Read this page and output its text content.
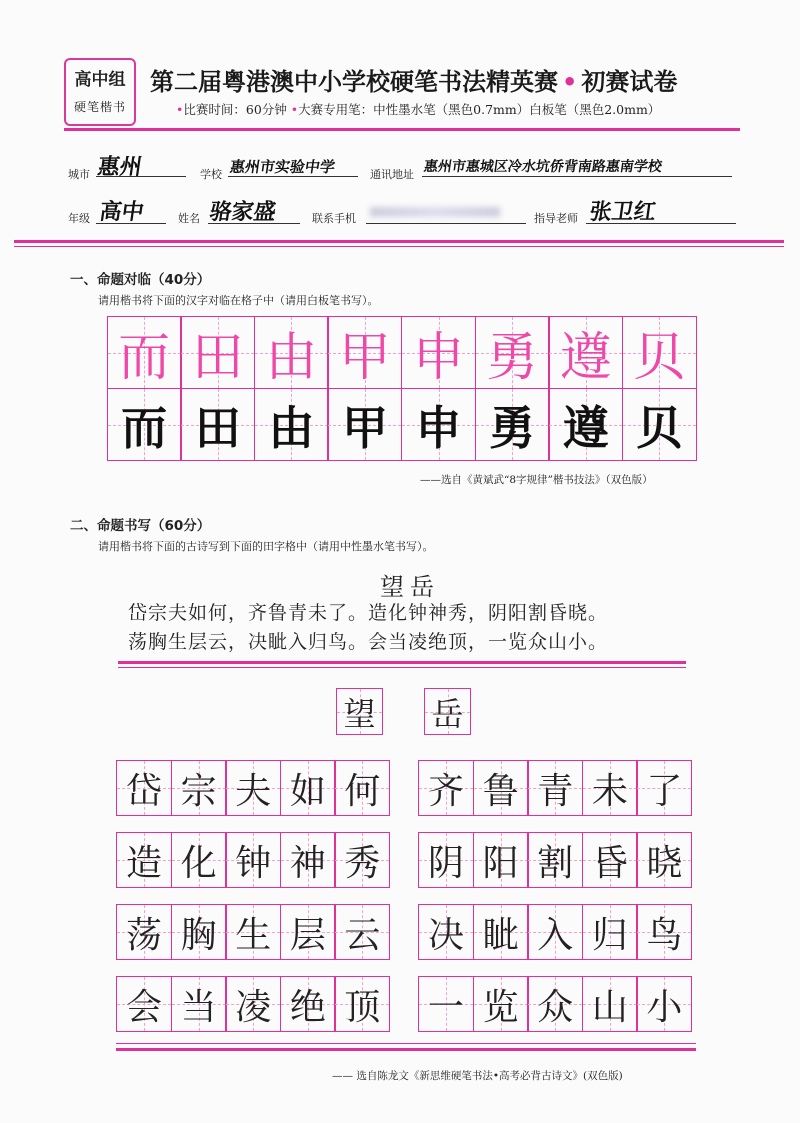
高中组
硬笔楷书
第二届粤港澳中小学校硬笔书法精英赛 • 初赛试卷
•比赛时间：60分钟 •大赛专用笔：中性墨水笔（黑色0.7mm）白板笔（黑色2.0mm）
城市 惠州	学校 惠州市实验中学	通讯地址 惠州市惠城区冷水坑侨背南路惠南学校
年级 高中	姓名 骆家盛	联系手机	指导老师 张卫红
一、命题对临（40分）
请用楷书将下面的汉字对临在格子中（请用白板笔书写）。
而 田 由 甲 申 勇 遵 贝
而 田 由 甲 申 勇 遵 贝
——选自《黄斌武“8字规律”楷书技法》（双色版）
二、命题书写（60分）
请用楷书将下面的古诗写到下面的田字格中（请用中性墨水笔书写）。
望岳
岱宗夫如何，齐鲁青未了。造化钟神秀，阴阳割昏晓。
荡胸生层云，决眦入归鸟。会当凌绝顶，一览众山小。
望 岳
岱 宗 夫 如 何 齐 鲁 青 未 了
造 化 钟 神 秀 阴 阳 割 昏 晓
荡 胸 生 层 云 决 眦 入 归 鸟
会 当 凌 绝 顶 一 览 众 山 小
—— 选自陈龙文《新思维硬笔书法•高考必背古诗文》(双色版)
